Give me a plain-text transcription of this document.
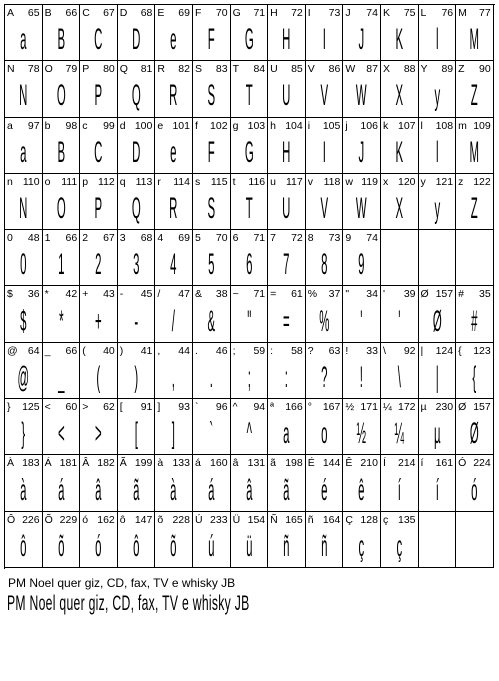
A 65
a
B 66
B
C 67
C
D 68
D
E 69
e
F 70
F
G 71
G
H 72
H
I 73
I
J 74
J
K 75
K
L 76
l
M 77
M
N 78
N
O 79
O
P 80
P
Q 81
Q
R 82
R
S 83
S
T 84
T
U 85
U
V 86
V
W 87
W
X 88
X
Y 89
y
Z 90
Z
a 97
a
b 98
B
c 99
C
d 100
D
e 101
e
f 102
F
g 103
G
h 104
H
i 105
I
j 106
J
k 107
K
l 108
l
m 109
M
n 110
N
o 111
O
p 112
P
q 113
Q
r 114
R
s 115
S
t 116
T
u 117
U
v 118
V
w 119
W
x 120
X
y 121
y
z 122
Z
0 48
0
1 66
1
2 67
2
3 68
3
4 69
4
5 70
5
6 71
6
7 72
7
8 73
8
9 74
9
$ 36
$
* 42
*
+ 43
+
- 45
-
/ 47
/
& 38
&
~ 71
"
= 61
=
% 37
%
" 34
'
' 39
'
Ø 157
Ø
# 35
#
@ 64
@
_ 66
_
( 40
(
) 41
)
, 44
,
. 46
.
; 59
;
: 58
:
? 63
?
! 33
!
\ 92
\
| 124
|
{ 123
{
} 125
}
< 60
<
> 62
>
[ 91
[
] 93
]
` 96
`
^ 94
^
ª 166
a
° 167
o
½ 171
½
¼ 172
¼
µ 230
µ
Ø 157
Ø
À 183
à
Á 181
á
Â 182
â
Ã 199
ã
à 133
à
á 160
á
â 131
â
ã 198
ã
É 144
é
Ê 210
ê
Í 214
í
í 161
í
Ó 224
ó
Ô 226
ô
Õ 229
õ
ó 162
ó
ô 147
ô
õ 228
õ
Ú 233
ú
Ü 154
ü
Ñ 165
ñ
ñ 164
ñ
Ç 128
ç
ç 135
ç
PM Noel quer giz, CD, fax, TV e whisky JB
PM Noel quer giz, CD, fax, TV e whisky JB
